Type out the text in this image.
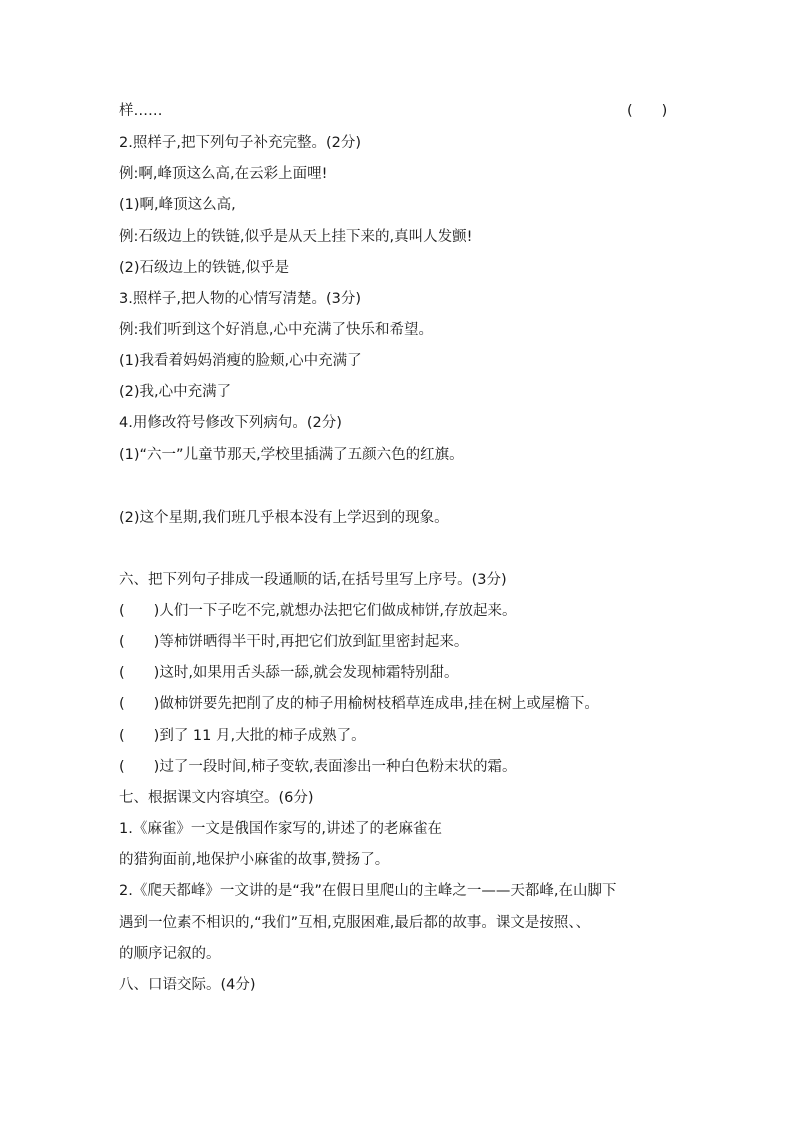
样……	(　　)
2.照样子,把下列句子补充完整。(2分)
例:啊,峰顶这么高,在云彩上面哩!
(1)啊,峰顶这么高,
例:石级边上的铁链,似乎是从天上挂下来的,真叫人发颤!
(2)石级边上的铁链,似乎是
3.照样子,把人物的心情写清楚。(3分)
例:我们听到这个好消息,心中充满了快乐和希望。
(1)我看着妈妈消瘦的脸颊,心中充满了
(2)我,心中充满了
4.用修改符号修改下列病句。(2分)
(1)“六一”儿童节那天,学校里插满了五颜六色的红旗。
(2)这个星期,我们班几乎根本没有上学迟到的现象。
六、把下列句子排成一段通顺的话,在括号里写上序号。(3分)
(　　)人们一下子吃不完,就想办法把它们做成柿饼,存放起来。
(　　)等柿饼晒得半干时,再把它们放到缸里密封起来。
(　　)这时,如果用舌头舔一舔,就会发现柿霜特别甜。
(　　)做柿饼要先把削了皮的柿子用榆树枝稻草连成串,挂在树上或屋檐下。
(　　)到了 11 月,大批的柿子成熟了。
(　　)过了一段时间,柿子变软,表面渗出一种白色粉末状的霜。
七、根据课文内容填空。(6分)
1.《麻雀》一文是俄国作家写的,讲述了的老麻雀在
的猎狗面前,地保护小麻雀的故事,赞扬了。
2.《爬天都峰》一文讲的是“我”在假日里爬山的主峰之一——天都峰,在山脚下
遇到一位素不相识的,“我们”互相,克服困难,最后都的故事。课文是按照、、
的顺序记叙的。
八、口语交际。(4分)
